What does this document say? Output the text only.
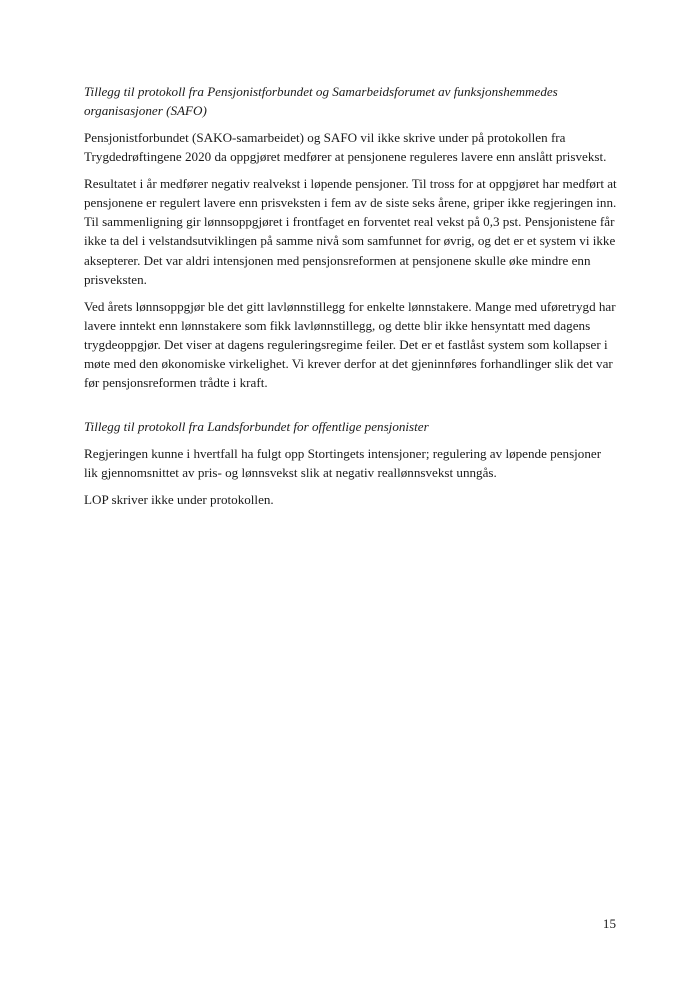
Tillegg til protokoll fra Pensjonistforbundet og Samarbeidsforumet av funksjonshemmedes organisasjoner (SAFO)

Pensjonistforbundet (SAKO-samarbeidet) og SAFO vil ikke skrive under på protokollen fra Trygdedrøftingene 2020 da oppgjøret medfører at pensjonene reguleres lavere enn anslått prisvekst.

Resultatet i år medfører negativ realvekst i løpende pensjoner. Til tross for at oppgjøret har medført at pensjonene er regulert lavere enn prisveksten i fem av de siste seks årene, griper ikke regjeringen inn. Til sammenligning gir lønnsoppgjøret i frontfaget en forventet real vekst på 0,3 pst. Pensjonistene får ikke ta del i velstandsutviklingen på samme nivå som samfunnet for øvrig, og det er et system vi ikke aksepterer. Det var aldri intensjonen med pensjonsreformen at pensjonene skulle øke mindre enn prisveksten.

Ved årets lønnsoppgjør ble det gitt lavlønnstillegg for enkelte lønnstakere. Mange med uføretrygd har lavere inntekt enn lønnstakere som fikk lavlønnstillegg, og dette blir ikke hensyntatt med dagens trygdeoppgjør. Det viser at dagens reguleringsregime feiler. Det er et fastlåst system som kollapser i møte med den økonomiske virkelighet. Vi krever derfor at det gjeninnføres forhandlinger slik det var før pensjonsreformen trådte i kraft.

Tillegg til protokoll fra Landsforbundet for offentlige pensjonister

Regjeringen kunne i hvertfall ha fulgt opp Stortingets intensjoner; regulering av løpende pensjoner lik gjennomsnittet av pris- og lønnsvekst slik at negativ reallønnsvekst unngås.

LOP skriver ikke under protokollen.

15
